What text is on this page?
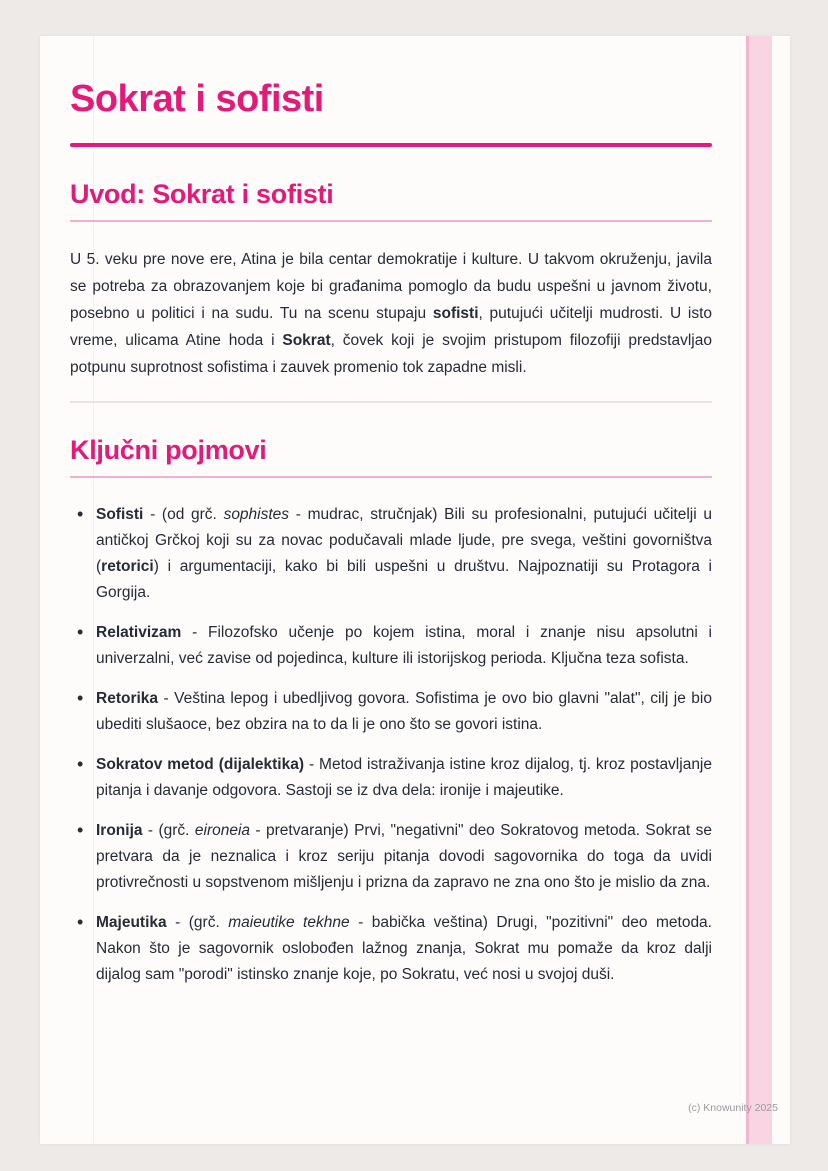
Sokrat i sofisti
Uvod: Sokrat i sofisti

U 5. veku pre nove ere, Atina je bila centar demokratije i kulture. U takvom okruženju, javila se potreba za obrazovanjem koje bi građanima pomoglo da budu uspešni u javnom životu, posebno u politici i na sudu. Tu na scenu stupaju sofisti, putujući učitelji mudrosti. U isto vreme, ulicama Atine hoda i Sokrat, čovek koji je svojim pristupom filozofiji predstavljao potpunu suprotnost sofistima i zauvek promenio tok zapadne misli.

Ključni pojmovi
• Sofisti - (od grč. sophistes - mudrac, stručnjak) Bili su profesionalni, putujući učitelji u antičkoj Grčkoj koji su za novac podučavali mlade ljude, pre svega, veštini govorništva (retorici) i argumentaciji, kako bi bili uspešni u društvu. Najpoznatiji su Protagora i Gorgija.
• Relativizam - Filozofsko učenje po kojem istina, moral i znanje nisu apsolutni i univerzalni, već zavise od pojedinca, kulture ili istorijskog perioda. Ključna teza sofista.
• Retorika - Veština lepog i ubedljivog govora. Sofistima je ovo bio glavni "alat", cilj je bio ubediti slušaoce, bez obzira na to da li je ono što se govori istina.
• Sokratov metod (dijalektika) - Metod istraživanja istine kroz dijalog, tj. kroz postavljanje pitanja i davanje odgovora. Sastoji se iz dva dela: ironije i majeutike.
• Ironija - (grč. eironeia - pretvaranje) Prvi, "negativni" deo Sokratovog metoda. Sokrat se pretvara da je neznalica i kroz seriju pitanja dovodi sagovornika do toga da uvidi protivrečnosti u sopstvenom mišljenju i prizna da zapravo ne zna ono što je mislio da zna.
• Majeutika - (grč. maieutike tekhne - babička veština) Drugi, "pozitivni" deo metoda. Nakon što je sagovornik oslobođen lažnog znanja, Sokrat mu pomaže da kroz dalji dijalog sam "porodi" istinsko znanje koje, po Sokratu, već nosi u svojoj duši.
(c) Knowunity 2025
